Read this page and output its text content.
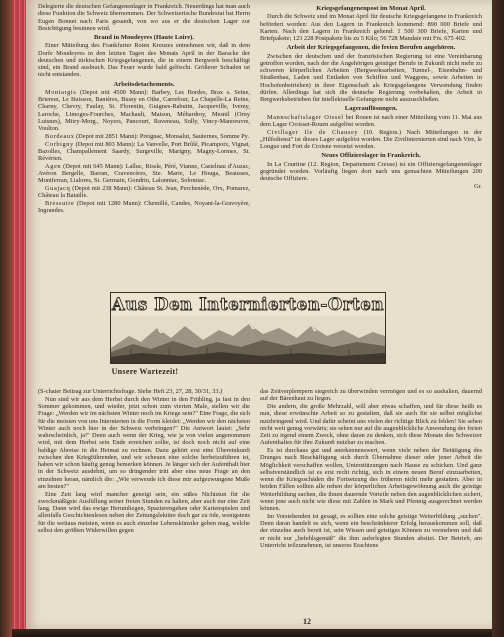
Delegierte die deutschen Gefangenenlager in Frankreich. Neuerdings hat man auch diese Funktion die Schweiz übernommen. Der Schweizerische Bundesrat hat Herrn Eugen Bonnet nach Paris gesandt, von wo aus er die deutschen Lager zur Besichtigung besinnen wird.

Brand in Moudeyres (Haute Loire).

Einer Mitteilung des Frankfurter Roten Kreuzes entnehmen wir, daß in dem Dorfe Moudeyres in den letzten Tagen des Monats April in der Baracke der deutschen und türkischen Kriegsgefangenen, die in einem Bergwerk beschäftigt sind, ein Brand ausbrach. Das Feuer wurde bald gelöscht. Größerer Schaden ist nicht entstanden.

Arbeitsdetachements.

Montargis (Depot mit 4500 Mann): Barbey, Les Bordes, Brax s. Seine, Brienon, Le Buisson, Banières, Bussy en Othe, Carrefour, La Chapelle-La Reine, Charny, Chevry, Faulay, St. Florentin, Guignes-Rabutin, Jacqueville, Ivemy, Laroche, Limoges-Fourches, Machault, Maison, Méhardroy, Mesnil (Orny Luisnes), Mitry-Morg., Noyers, Pancourt, Raveneau, Sully, Vincy-Manoeuvre, Voulton.

Bordeaux (Depot mit 2851 Mann): Preignac, Monsalut, Sauternes, Somme Py.

Corbigny (Depot mit 803 Mann): La Vanvelle, Port Brûlé, Picampoix, Vignat, Bazolles, Champallement Saardy, Surgeville, Marigny, Magny-Lormes, St. Révérien.

Agen (Depot mit 645 Mann): Lalluc, Rissle, Péré, Vianne, Castelnau d'Auzac, Avéron Bergelle, Barran, Cravencères, Ste. Marie, Le Houga, Beausses, Montferran, Lialores, St. Germain, Gondrin, Lalonniac, Solomiac.

Guajacq (Depot mit 238 Mann): Château St. Jean, Perchenède, Orx, Pomarez, Château la Bataille.

Bressuire (Depot mit 1280 Mann): Chemillé, Candes, Noyant-la-Gravoyère, Ingrandes.

Kriegsgefangenenpost im Monat April.

Durch die Schweiz sind im Monat April für deutsche Kriegsgefangene in Frankreich befördert worden: Aus den Lagern in Frankreich kommend: 890 000 Briefe und Karten. Nach den Lagern in Frankreich gehend: 1 500 300 Briefe, Karten und Briefpakete; 123 228 Postpakete bis zu 5 Kilo; 56 728 Mandate mit Frs. 675 402.

Arbeit der Kriegsgefangenen, die freien Berufen angehören.

Zwischen der deutschen und der französischen Regierung ist eine Vereinbarung getroffen worden, nach der die Angehörigen geistiger Berufe in Zukunft nicht mehr zu schweren körperlichen Arbeiten (Bergwerksarbeiten, Tunnel-, Eisenbahn- und Straßenbau, Laden und Entladen von Schiffen und Waggons, sowie Arbeiten in Hochofenbetrieben) in ihrer Eigenschaft als Kriegsgefangene Verwendung finden dürfen. Allerdings hat sich die deutsche Regierung vorbehalten, die Arbeit in Bergwerksbetrieben für intellektuelle Gefangene nicht auszuschließen.

Lagerauflösungen.

Mannschaftslager Oissel bei Rouen ist nach einer Mitteilung vom 11. Mai aus dem Lager Croisset-Rouen aufgelöst worden.

Civillager Ile de Chausey (10. Region.) Nach Mitteilungen in der „Hilfsdienst" ist dieses Lager aufgelöst worden. Die Zivilinternierten sind nach Vire, le Longue und Fort de Croisne versetzt worden.

Neues Offizierslager in Frankreich.

In La Courtine (12. Region, Departement Creuse) ist ein Offiziersgefangenenlager gegründet worden. Vorläufig liegen dort nach uns gemachten Mitteilungen 200 deutsche Offiziere.

Gr.

Aus Den Internierten-Orten
Unsere Wartezeit!

(S-chater Beitrag zur Unterrichtsfrage. Siehe Heft 23, 27, 28, 30/31, 33.)

Nun sind wir aus dem Herbst durch den Winter in den Frühling, ja fast in den Sommer gekommen, und wieder, jetzt schon zum vierten Male, stellen wir die Frage: „Werden wir im nächsten Winter noch im Kriege sein?" Eine Frage, die sich für die meisten von uns Internierten in die Form kleidet: „Werden wir den nächsten Winter auch noch hier in der Schweiz verbringen?" Die Antwort lautet: „Sehr wahrscheinlich, ja!" Denn auch wenn der Krieg, wie ja von vielen angenommen wird, mit dem Herbst sein Ende erreichen sollte, ist doch noch nicht auf eine baldige Abreise in die Heimat zu rechnen. Dazu gehört erst eine Übereinkunft zwischen den Kriegführenden, und wir scheuen eine solche herbeizuführen ist, haben wir schon häufig genug bemerken können. Je länger sich der Aufenthalt hier in der Schweiz ausdehnt, um so dringender tritt aber eine neue Frage an den einzelnen heran, nämlich die: „Wie verwende ich diese mir aufgezwungene Muße am besten?"

Eine Zeit lang wird mancher geneigt sein, ein süßes Nichtstun für die zweckmäßigste Ausfüllung seiner freien Stunden zu halten, aber auch nur eine Zeit lang. Dann wird das ewige Herumliegen, Spazierengehen oder Kartenspielen und allenfalls Geschichtenlesen neben der Zeitungslektüre doch gar zu öde, wenigstens für die weitaus meisten, wenn es auch einzelne Lebenskünstler geben mag, welche selbst den größten Widerwillen gegen

das Zeitverplempern siegreich zu überwinden vermögen und es so aushalten, dauernd auf der Bärenhaut zu liegen.

Die andern, die große Mehrzahl, will aber etwas schaffen, und für diese heißt es nun, diese erwünschte Arbeit so zu gestalten, daß sie auch für sie selbst möglichst nutzbringend wird. Und dafür scheint uns vielen der richtige Blick zu fehlen! Sie sehen nicht weit genug vorwärts; sie sehen nur auf die augenblickliche Anwendung der freien Zeit zu irgend einem Zweck, ohne daran zu denken, sich diese Monate des Schweizer Aufenthaltes für ihre Zukunft nutzbar zu machen.

Es ist durchaus gut und anerkennenswert, wenn viele neben der Betätigung des Dranges nach Beschäftigung sich durch Übernahme dieser oder jener Arbeit die Möglichkeit verschaffen wollen, Unterstützungen nach Hause zu schicken. Und ganz selbstverständlich ist es erst recht richtig, sich in einem neuen Beruf einzuarbeiten, wenn die Kriegsschäden die Fortsetzung des früheren nicht mehr gestatten. Aber in beiden Fällen sollten alle neben der körperlichen Arbeitsgewöhnung auch die geistige Weiterbildung suchen, die ihnen dauernde Vorteile neben den augenblicklichen sichert, wenn jene auch nicht wie diese mit Zahlen in Mark und Pfennig ausgerechnet werden können.

Im Vorstehenden ist gesagt, es sollten eine solche geistige Weiterbildung „suchen". Denn daran handelt es sich, wenn ein beschränkterer Erfolg herauskommen soll, daß der einzelne auch bereit ist, sein Wissen und geistiges Können zu vermehren und daß er nicht nur „befehlsgemäß" die ihm auferlegten Stunden absitzt. Der Betrieb, am Unterricht teilzunehmen, ist unseres Erachtens

12
